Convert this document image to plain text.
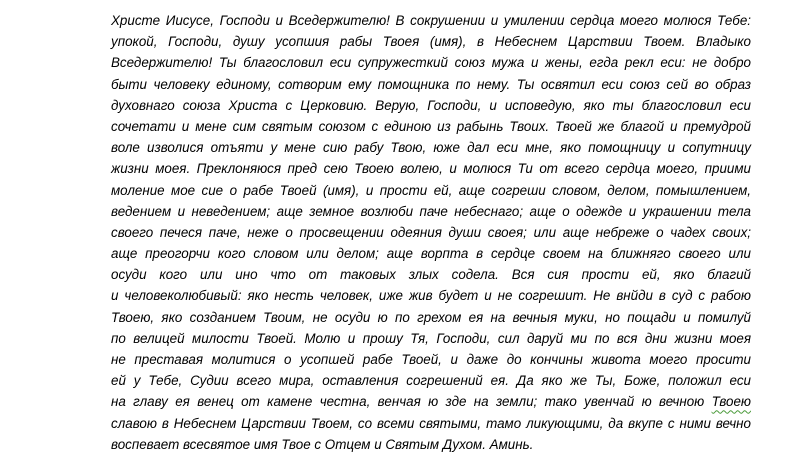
Христе Иисусе, Господи и Вседержителю! В сокрушении и умилении сердца моего молюся Тебе:
упокой, Господи, душу усопшия рабы Твоея (имя), в Небеснем Царствии Твоем. Владыко
Вседержителю! Ты благословил еси супружесткий союз мужа и жены, егда рекл еси: не добро
быти человеку единому, сотворим ему помощника по нему. Ты освятил еси союз сей во образ
духовнаго союза Христа с Церковию. Верую, Господи, и исповедую, яко ты благословил еси
сочетати и мене сим святым союзом с единою из рабынь Твоих. Твоей же благой и премудрой
воле изволися отъяти у мене сию рабу Твою, юже дал еси мне, яко помощницу и сопутницу
жизни моея. Преклоняюся пред сею Твоею волею, и молюся Ти от всего сердца моего, приими
моление мое сие о рабе Твоей (имя), и прости ей, аще согреши словом, делом, помышлением,
ведением и неведением; аще земное возлюби паче небеснаго; аще о одежде и украшении тела
своего печеся паче, неже о просвещении одеяния души своея; или аще небреже о чадех своих;
аще преогорчи кого словом или делом; аще ворпта в сердце своем на ближняго своего или
осуди кого или ино что от таковых злых содела. Вся сия прости ей, яко благий
и человеколюбивый: яко несть человек, иже жив будет и не согрешит. Не внйди в суд с рабою
Твоею, яко созданием Твоим, не осуди ю по грехом ея на вечныя муки, но пощади и помилуй
по велицей милости Твоей. Молю и прошу Тя, Господи, сил даруй ми по вся дни жизни моея
не преставая молитися о усопшей рабе Твоей, и даже до кончины живота моего просити
ей у Тебе, Судии всего мира, оставления согрешений ея. Да яко же Ты, Боже, положил еси
на главу ея венец от камене честна, венчая ю зде на земли; тако увенчай ю вечною Твоею
славою в Небеснем Царствии Твоем, со всеми святыми, тамо ликующими, да вкупе с ними вечно
воспевает всесвятое имя Твое с Отцем и Святым Духом. Аминь.
